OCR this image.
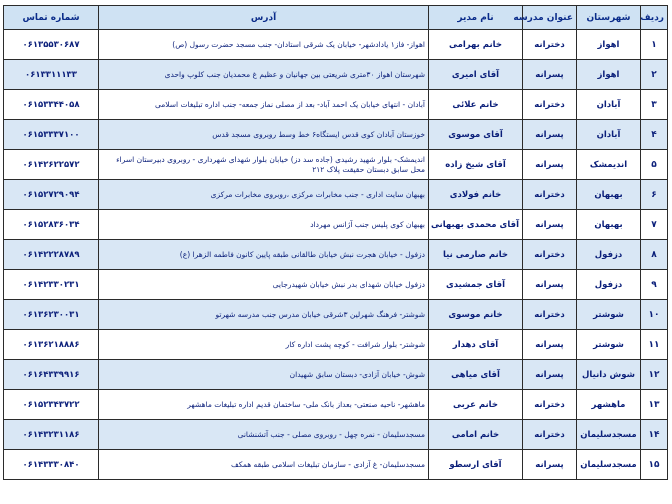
ردیف	شهرستان	عنوان مدرسه	نام مدیر	آدرس	شماره تماس
۱	اهواز	دخترانه	خانم بهرامی	اهواز- فاز۱ یادادشهر- خیابان یک شرقی استادان- جنب مسجد حضرت رسول (ص)	۰۶۱۳۵۵۳۰۶۸۷
۲	اهواز	پسرانه	آقای امیری	شهرستان اهواز ۳۰متری شریعتی بین جهانیان و عظیم غ محمدیان جنب کلوپ واحدی	۰۶۱۳۳۱۱۱۳۳
۳	آبادان	دخترانه	خانم علائی	آبادان - انتهای خیابان یک احمد آباد- بعد از مصلی نماز جمعه- جنب اداره تبلیغات اسلامی	۰۶۱۵۳۳۴۴۰۵۸
۴	آبادان	پسرانه	آقای موسوی	خوزستان آبادان کوی قدس ایستگاه۶ خط وسط روبروی مسجد قدس	۰۶۱۵۳۳۳۷۱۰۰
۵	اندیمشک	پسرانه	آقای شیخ زاده	اندیمشک- بلوار شهید رشیدی (جاده سد دز) خیابان بلوار شهدای شهرداری - روبروی دبیرستان اسراء محل سابق دبستان حقیقت پلاک ۲۱۲	۰۶۱۴۲۶۲۲۵۷۲
۶	بهبهان	دخترانه	خانم فولادی	بهبهان سایت اداری - جنب مخابرات مرکزی ،روبروی مخابرات مرکزی	۰۶۱۵۲۷۲۹۰۹۴
۷	بهبهان	پسرانه	آقای محمدی بهبهانی	بهبهان کوی پلیس جنب آژانس مهرداد	۰۶۱۵۲۸۳۶۰۳۴
۸	دزفول	دخترانه	خانم صارمی نیا	دزفول - خیابان هجرت نبش خیابان طالقانی طبقه پایین کانون فاطمه الزهرا (ع)	۰۶۱۴۲۲۲۸۷۸۹
۹	دزفول	پسرانه	آقای جمشیدی	دزفول خیابان شهدای بدر نبش خیابان شهیدرجایی	۰۶۱۴۲۳۳۰۲۳۱
۱۰	شوشتر	دخترانه	خانم موسوی	شوشتر- فرهنگ شهرلین ۳شرقی خیابان مدرس جنب مدرسه شهرتو	۰۶۱۳۶۲۳۰۰۳۱
۱۱	شوشتر	پسرانه	آقای دهدار	شوشتر- بلوار شرافت - کوچه پشت اداره کار	۰۶۱۳۶۲۱۸۸۸۶
۱۲	شوش دانیال	پسرانه	آقای میاهی	شوش- خیابان آزادی- دبستان سابق شهیدان	۰۶۱۶۴۳۳۹۹۱۶
۱۳	ماهشهر	دخترانه	خانم عربی	ماهشهر- ناحیه صنعتی- بعداز بانک ملی- ساختمان قدیم اداره تبلیغات ماهشهر	۰۶۱۵۲۳۴۳۷۲۲
۱۴	مسجدسلیمان	دخترانه	خانم امامی	مسجدسلیمان - نمره چهل - روبروی مصلی - جنب آتشنشانی	۰۶۱۴۳۲۳۱۱۸۶
۱۵	مسجدسلیمان	پسرانه	آقای ارسطو	مسجدسلیمان- غ آزادی - سازمان تبلیغات اسلامی طبقه همکف	۰۶۱۴۳۳۳۰۸۴۰
